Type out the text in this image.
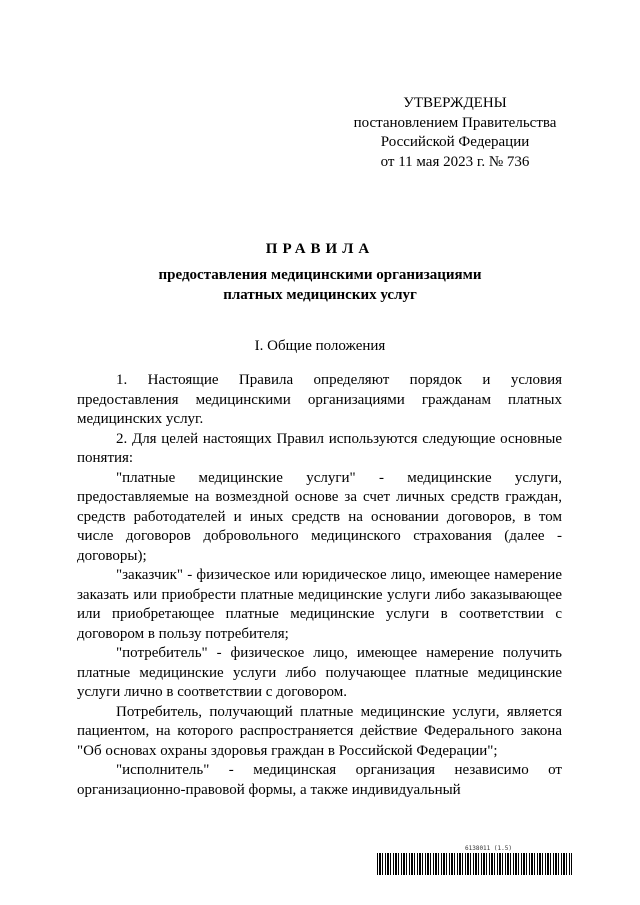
УТВЕРЖДЕНЫ
постановлением Правительства
Российской Федерации
от 11 мая 2023 г. № 736
ПРАВИЛА
предоставления медицинскими организациями
платных медицинских услуг
I. Общие положения

1. Настоящие Правила определяют порядок и условия предоставления медицинскими организациями гражданам платных медицинских услуг.

2. Для целей настоящих Правил используются следующие основные понятия:

"платные медицинские услуги" - медицинские услуги, предоставляемые на возмездной основе за счет личных средств граждан, средств работодателей и иных средств на основании договоров, в том числе договоров добровольного медицинского страхования (далее - договоры);

"заказчик" - физическое или юридическое лицо, имеющее намерение заказать или приобрести платные медицинские услуги либо заказывающее или приобретающее платные медицинские услуги в соответствии с договором в пользу потребителя;

"потребитель" - физическое лицо, имеющее намерение получить платные медицинские услуги либо получающее платные медицинские услуги лично в соответствии с договором.

Потребитель, получающий платные медицинские услуги, является пациентом, на которого распространяется действие Федерального закона "Об основах охраны здоровья граждан в Российской Федерации";

"исполнитель" - медицинская организация независимо от организационно-правовой формы, а также индивидуальный

6138011 (1.5)
